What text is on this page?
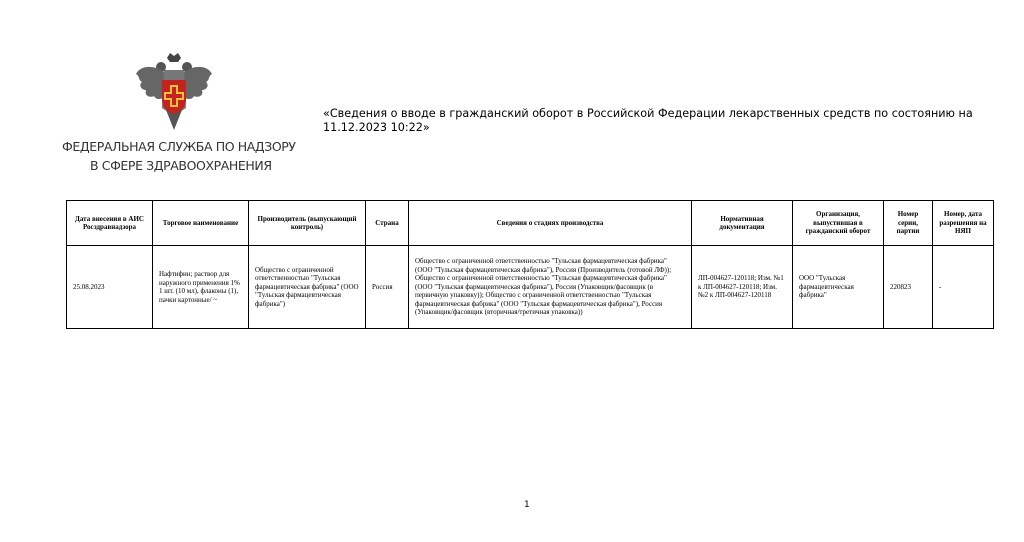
ФЕДЕРАЛЬНАЯ СЛУЖБА ПО НАДЗОРУ
В СФЕРЕ ЗДРАВООХРАНЕНИЯ
«Сведения о вводе в гражданский оборот в Российской Федерации лекарственных средств по состоянию на 11.12.2023 10:22»
Дата внесения в АИС Росздравнадзора	Торговое наименование	Производитель (выпускающий контроль)	Страна	Сведения о стадиях производства	Нормативная документация	Организация, выпустившая в гражданский оборот	Номер серии, партии	Номер, дата разрешения на НЯП
25.08.2023	Нафтифин; раствор для наружного применения 1% 1 шт. (10 мл), флаконы (1), пачки картонные/ ~	Общество с ограниченной ответственностью "Тульская фармацевтическая фабрика" (ООО "Тульская фармацевтическая фабрика")	Россия	Общество с ограниченной ответственностью "Тульская фармацевтическая фабрика" (ООО "Тульская фармацевтическая фабрика"), Россия (Производитель (готовой ЛФ)); Общество с ограниченной ответственностью "Тульская фармацевтическая фабрика" (ООО "Тульская фармацевтическая фабрика"), Россия (Упаковщик/фасовщик (в первичную упаковку)); Общество с ограниченной ответственностью "Тульская фармацевтическая фабрика" (ООО "Тульская фармацевтическая фабрика"), Россия (Упаковщик/фасовщик (вторичная/третичная упаковка))	ЛП-004627-120118; Изм. №1 к ЛП-004627-120118; Изм. №2 к ЛП-004627-120118	ООО "Тульская фармацевтическая фабрика"	220823	-
1
